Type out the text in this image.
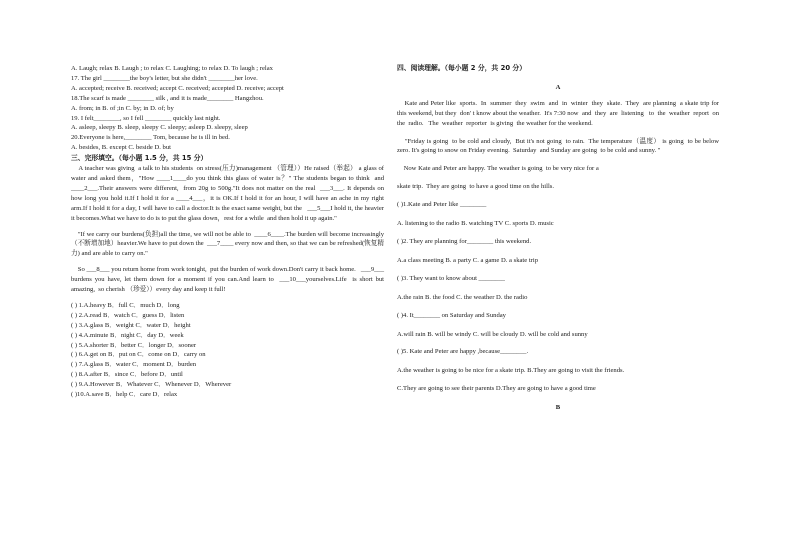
A. Laugh; relax B. Laugh ; to relax C. Laughing; to relax D. To laugh ; relax

17. The girl ________the boy's letter, but she didn't ________her love.

A. accepted; receive B. received; accept C. received; accepted D. receive; accept

18.The scarf is made ________ silk , and it is made________ Hangzhou.

A. from; in B. of ;in C. by; in D. of; by

19. I felt________, so I fell ________ quickly last night.

A. asleep, sleepy B. sleep, sleepy C. sleepy; asleep D. sleepy, sleep

20.Everyone is here,________ Tom, because he is ill in bed.

A. besides, B. except C. beside D. but

三、完形填空。（每小题 1.5 分，共 15 分）

A teacher was giving  a talk to his students  on stress(压力)management （管理））He raised（举起） a glass of water and asked them，"How ____1____do you think this glass of water is？" The students began to think  and   ____2___.Their answers were different,  from 20g to 500g."It does not matter on the real  ___3___. It depends on how long you hold it.If I hold it for a ____4___，it is OK.If I hold it for an hour, I will have an ache in my right arm.If I hold it for a day, I will have to call a doctor.It is the exact same weight, but the   ___5___I hold it, the heavier it becomes.What we have to do is to put the glass down，rest for a while  and then hold it up again."

"If we carry our burdens(负担)all the time, we will not be able to  ____6____.The burden will become increasingly  （不断增加地）heavier.We have to put down the  ___7____ every now and then, so that we can be refreshed(恢复精力) and are able to carry on."

So ___8___ you return home from work tonight,  put the burden of work down.Don't carry it back home.   ___9___  burdens you have, let them down for a moment if you can.And learn to  ___10___yourselves.Life  is short but amazing,  so cherish （珍爱））every day and keep it full!

( ) 1.A.heavy B．full C．much D．long

( ) 2.A.read B．watch C．guess D．listen

( ) 3.A.glass B．weight C．water D．height

( ) 4.A.minute B．night C．day D．week

( ) 5.A.shorter B．better C．longer D．sooner

( ) 6.A.get on B．put on C．come on D．carry on

( ) 7.A.glass B．water C．moment D．burden

( ) 8.A.after B．since C．before D．until

( ) 9.A.However B．Whatever C．Whenever D．Wherever

( )10.A.save B．help C．care D．relax

四、阅读理解。（每小题 2 分，共 20 分）

A

Kate and Peter like  sports.  In  summer  they  swim  and  in  winter  they  skate.  They  are planning  a skate trip for this weekend, but they  don' t know about the weather.  It's 7:30 now  and  they  are  listening   to  the  weather  report  on  the  radio.   The  weather  reporter  is giving  the weather for the weekend.

"Friday is going  to be cold and cloudy,  But it's not going  to rain.  The temperature（温度） is going  to be below zero. It's going to snow on Friday evening.  Saturday  and Sunday are going  to be cold and sunny. "

Now Kate and Peter are happy. The weather is going  to be very nice for a

skate trip.  They are going  to have a good time on the hills.

( )1.Kate and Peter like ________

A. listening to the radio B. watching TV C. sports D. music

( )2. They are planning for________ this weekend.

A.a class meeting B. a party C. a game D. a skate trip

( )3. They want to know about ________

A.the rain B. the food C. the weather D. the radio

( )4. It________ on Saturday and Sunday

A.will rain B. will be windy C. will be cloudy D. will be cold and sunny

( )5. Kate and Peter are happy ,because________.

A.the weather is going to be nice for a skate trip. B.They are going to visit the friends.

C.They are going to see their parents D.They are going to have a good time

B
